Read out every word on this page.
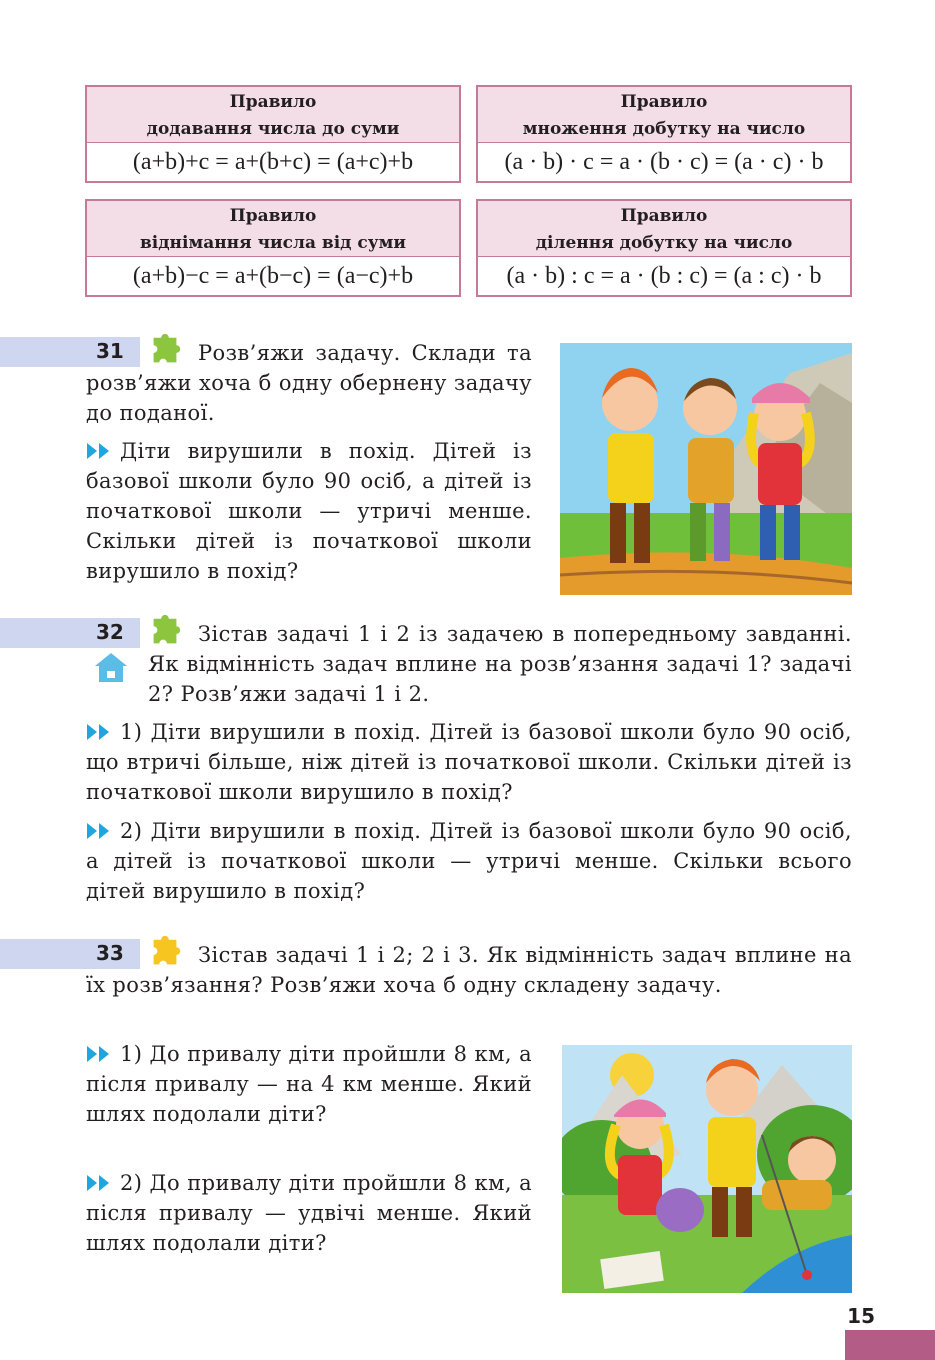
Правило
додавання числа до суми
(a+b)+c = a+(b+c) = (a+c)+b
Правило
множення добутку на число
(a · b) · c = a · (b · c) = (a · c) · b
Правило
віднімання числа від суми
(a+b)−c = a+(b−c) = (a−c)+b
Правило
ділення добутку на число
(a · b) : c = a · (b : c) = (a : c) · b
31	Розв’яжи задачу. Склади та розв’яжи хоча б одну обернену задачу до поданої.

Діти вирушили в похід. Дітей із базової школи було 90 осіб, а дітей із початкової школи — утричі менше. Скільки дітей із початкової школи вирушило в похід?

32	Зістав задачі 1 і 2 із задачею в попередньому завданні. Як відмінність задач вплине на розв’язання задачі 1? задачі 2? Розв’яжи задачі 1 і 2.

1) Діти вирушили в похід. Дітей із базової школи було 90 осіб, що втричі більше, ніж дітей із початкової школи. Скільки дітей із початкової школи вирушило в похід?

2) Діти вирушили в похід. Дітей із базової школи було 90 осіб, а дітей із початкової школи — утричі менше. Скільки всього дітей вирушило в похід?

33	Зістав задачі 1 і 2; 2 і 3. Як відмінність задач вплине на їх розв’язання? Розв’яжи хоча б одну складену задачу.

1) До привалу діти пройшли 8 км, а після привалу — на 4 км менше. Який шлях подолали діти?

2) До привалу діти пройшли 8 км, а після привалу — удвічі менше. Який шлях подолали діти?

15
